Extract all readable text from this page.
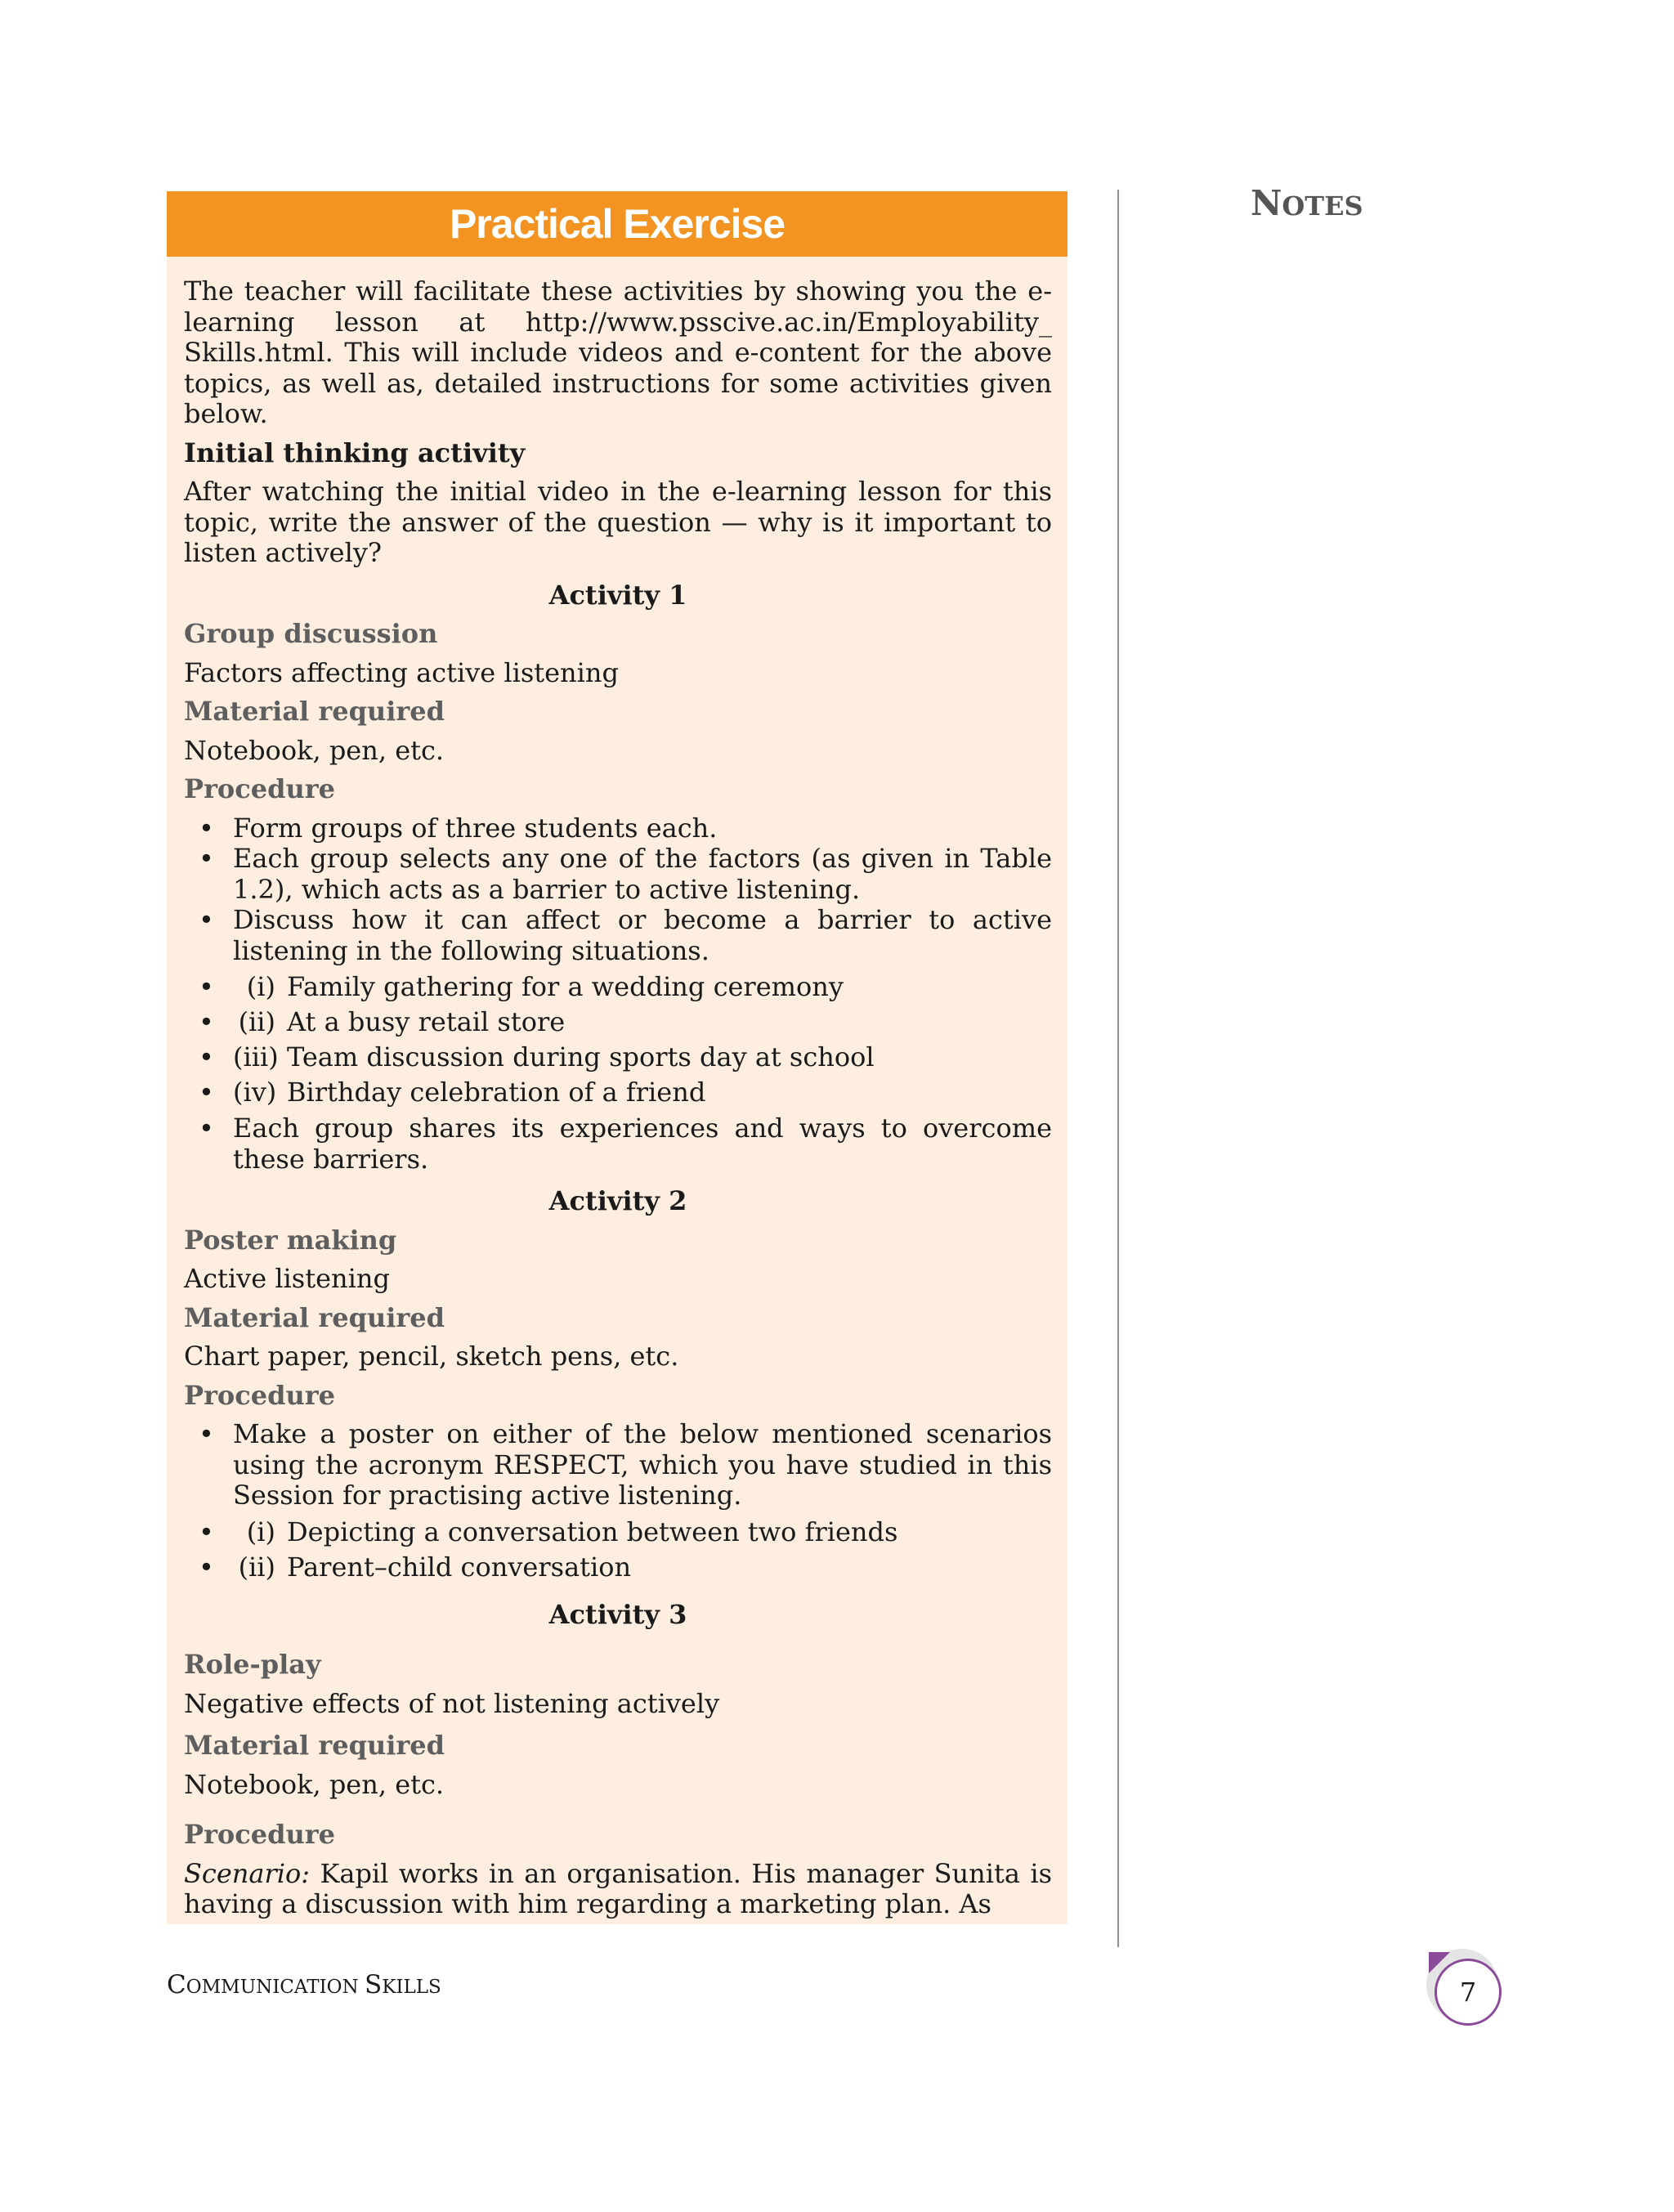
NOTES
Practical Exercise

The teacher will facilitate these activities by showing you the e-learning lesson at http://www.psscive.ac.in/Employability_ Skills.html. This will include videos and e-content for the above topics, as well as, detailed instructions for some activities given below.

Initial thinking activity

After watching the initial video in the e-learning lesson for this topic, write the answer of the question — why is it important to listen actively?

Activity 1

Group discussion

Factors affecting active listening

Material required

Notebook, pen, etc.

Procedure

• Form groups of three students each.
• Each group selects any one of the factors (as given in Table 1.2), which acts as a barrier to active listening.
• Discuss how it can affect or become a barrier to active listening in the following situations.
• (i) Family gathering for a wedding ceremony
• (ii) At a busy retail store
• (iii) Team discussion during sports day at school
• (iv) Birthday celebration of a friend
• Each group shares its experiences and ways to overcome these barriers.

Activity 2

Poster making

Active listening

Material required

Chart paper, pencil, sketch pens, etc.

Procedure

• Make a poster on either of the below mentioned scenarios using the acronym RESPECT, which you have studied in this Session for practising active listening.
• (i) Depicting a conversation between two friends
• (ii) Parent–child conversation

Activity 3

Role-play

Negative effects of not listening actively

Material required

Notebook, pen, etc.

Procedure

Scenario: Kapil works in an organisation. His manager Sunita is having a discussion with him regarding a marketing plan. As

COMMUNICATION SKILLS	7
